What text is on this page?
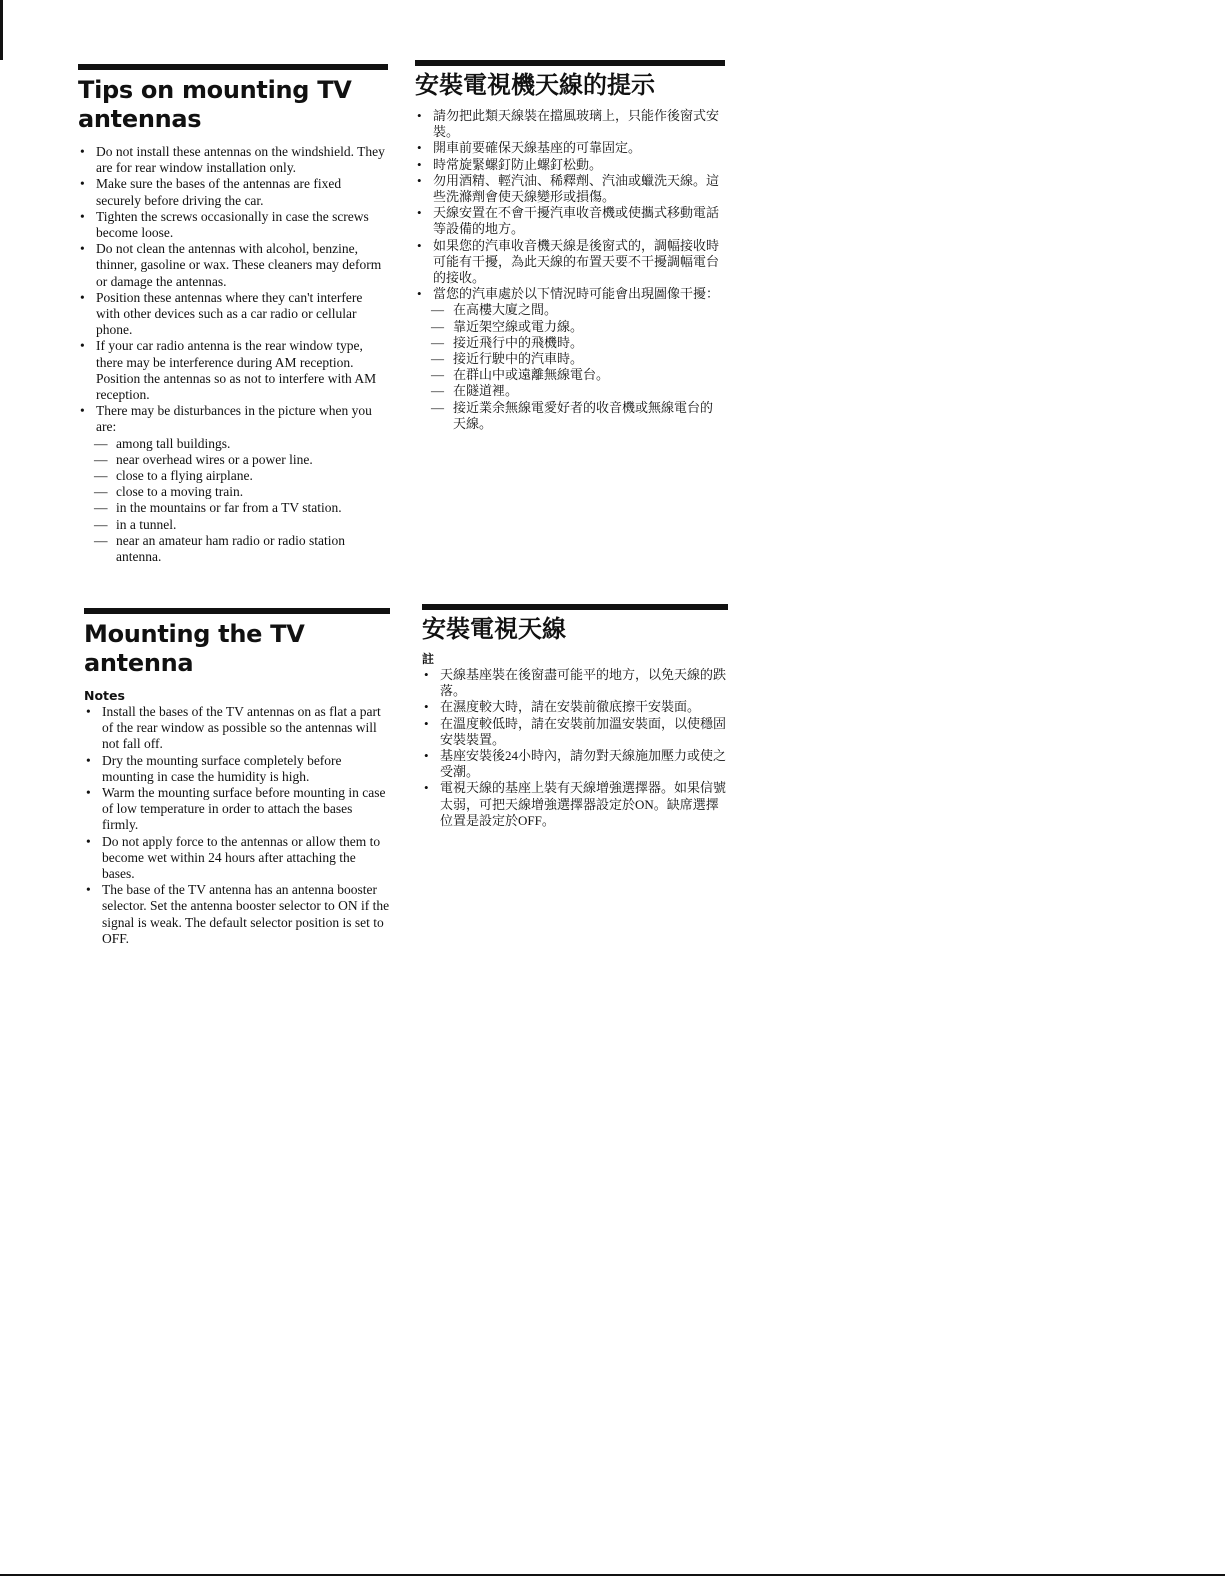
Tips on mounting TV antennas
• Do not install these antennas on the windshield. They are for rear window installation only.
• Make sure the bases of the antennas are fixed securely before driving the car.
• Tighten the screws occasionally in case the screws become loose.
• Do not clean the antennas with alcohol, benzine, thinner, gasoline or wax. These cleaners may deform or damage the antennas.
• Position these antennas where they can't interfere with other devices such as a car radio or cellular phone.
• If your car radio antenna is the rear window type, there may be interference during AM reception. Position the antennas so as not to interfere with AM reception.
• There may be disturbances in the picture when you are:
— among tall buildings.
— near overhead wires or a power line.
— close to a flying airplane.
— close to a moving train.
— in the mountains or far from a TV station.
— in a tunnel.
— near an amateur ham radio or radio station antenna.
安裝電視機天線的提示
• 請勿把此類天線裝在擋風玻璃上，只能作後窗式安裝。
• 開車前要確保天線基座的可靠固定。
• 時常旋緊螺釘防止螺釘松動。
• 勿用酒精、輕汽油、稀釋劑、汽油或蠟洗天線。這些洗滌劑會使天線變形或損傷。
• 天線安置在不會干擾汽車收音機或使攜式移動電話等設備的地方。
• 如果您的汽車收音機天線是後窗式的，調幅接收時可能有干擾，為此天線的布置天要不干擾調幅電台的接收。
• 當您的汽車處於以下情況時可能會出現圖像干擾：
— 在高樓大廈之間。
— 靠近架空線或電力線。
— 接近飛行中的飛機時。
— 接近行駛中的汽車時。
— 在群山中或遠離無線電台。
— 在隧道裡。
— 接近業余無線電愛好者的收音機或無線電台的天線。
Mounting the TV antenna
Notes
• Install the bases of the TV antennas on as flat a part of the rear window as possible so the antennas will not fall off.
• Dry the mounting surface completely before mounting in case the humidity is high.
• Warm the mounting surface before mounting in case of low temperature in order to attach the bases firmly.
• Do not apply force to the antennas or allow them to become wet within 24 hours after attaching the bases.
• The base of the TV antenna has an antenna booster selector. Set the antenna booster selector to ON if the signal is weak. The default selector position is set to OFF.
安裝電視天線
註
• 天線基座裝在後窗盡可能平的地方，以免天線的跌落。
• 在濕度較大時，請在安裝前徹底擦干安裝面。
• 在溫度較低時，請在安裝前加溫安裝面，以使穩固安裝裝置。
• 基座安裝後24小時內，請勿對天線施加壓力或使之受潮。
• 電視天線的基座上裝有天線增強選擇器。如果信號太弱，可把天線增強選擇器設定於ON。缺席選擇位置是設定於OFF。
